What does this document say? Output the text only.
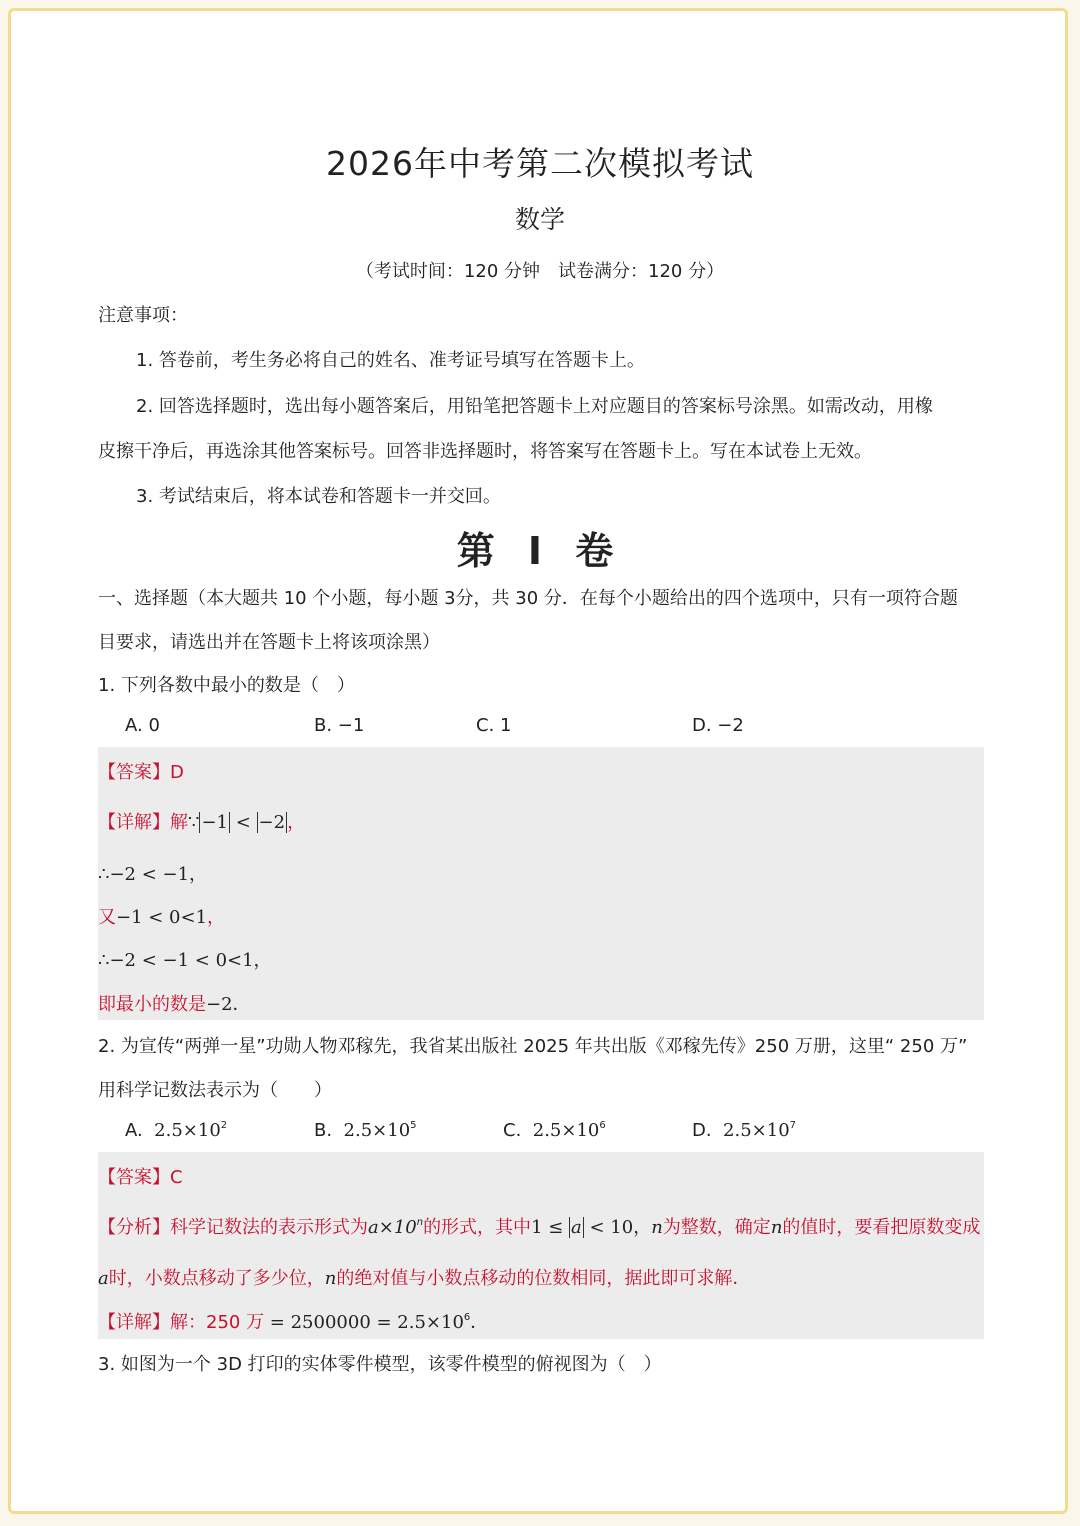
2026年中考第二次模拟考试
数学
（考试时间：120 分钟　试卷满分：120 分）
注意事项：
1. 答卷前，考生务必将自己的姓名、准考证号填写在答题卡上。
2. 回答选择题时，选出每小题答案后，用铅笔把答题卡上对应题目的答案标号涂黑。如需改动，用橡
皮擦干净后，再选涂其他答案标号。回答非选择题时，将答案写在答题卡上。写在本试卷上无效。
3. 考试结束后，将本试卷和答题卡一并交回。
第 I 卷
一、选择题（本大题共 10 个小题，每小题 3分，共 30 分．在每个小题给出的四个选项中，只有一项符合题
目要求，请选出并在答题卡上将该项涂黑）
1. 下列各数中最小的数是（　）
A. 0	B. −1	C. 1	D. −2
【答案】D
【详解】解∵ −1 < −2 ，
∴−2 < −1，
又−1 < 0<1，
∴−2 < −1 < 0<1，
即最小的数是−2．
2. 为宣传“两弹一星”功勋人物邓稼先，我省某出版社 2025 年共出版《邓稼先传》250 万册，这里“ 250 万”
用科学记数法表示为（　　）
A. $2.5\times 10^2$	B. $2.5\times 10^5$	C. $2.5\times 10^6$	D. $2.5\times 10^7$
【答案】C
【分析】科学记数法的表示形式为$a\times 10^n$的形式，其中1 ≤ a < 10，n为整数，确定n的值时，要看把原数变成
a时，小数点移动了多少位，n的绝对值与小数点移动的位数相同，据此即可求解．
【详解】解：250 万 = $2500000 = 2.5\times 10^6$．
3. 如图为一个 3D 打印的实体零件模型，该零件模型的俯视图为（　）
